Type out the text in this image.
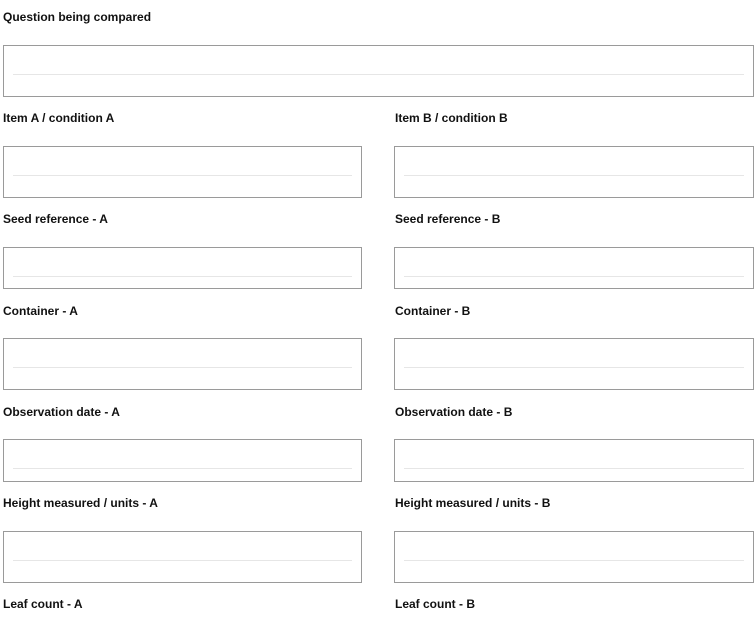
Question being compared
Item A / condition A	Item B / condition B
Seed reference - A	Seed reference - B
Container - A	Container - B
Observation date - A	Observation date - B
Height measured / units - A	Height measured / units - B
Leaf count - A	Leaf count - B
